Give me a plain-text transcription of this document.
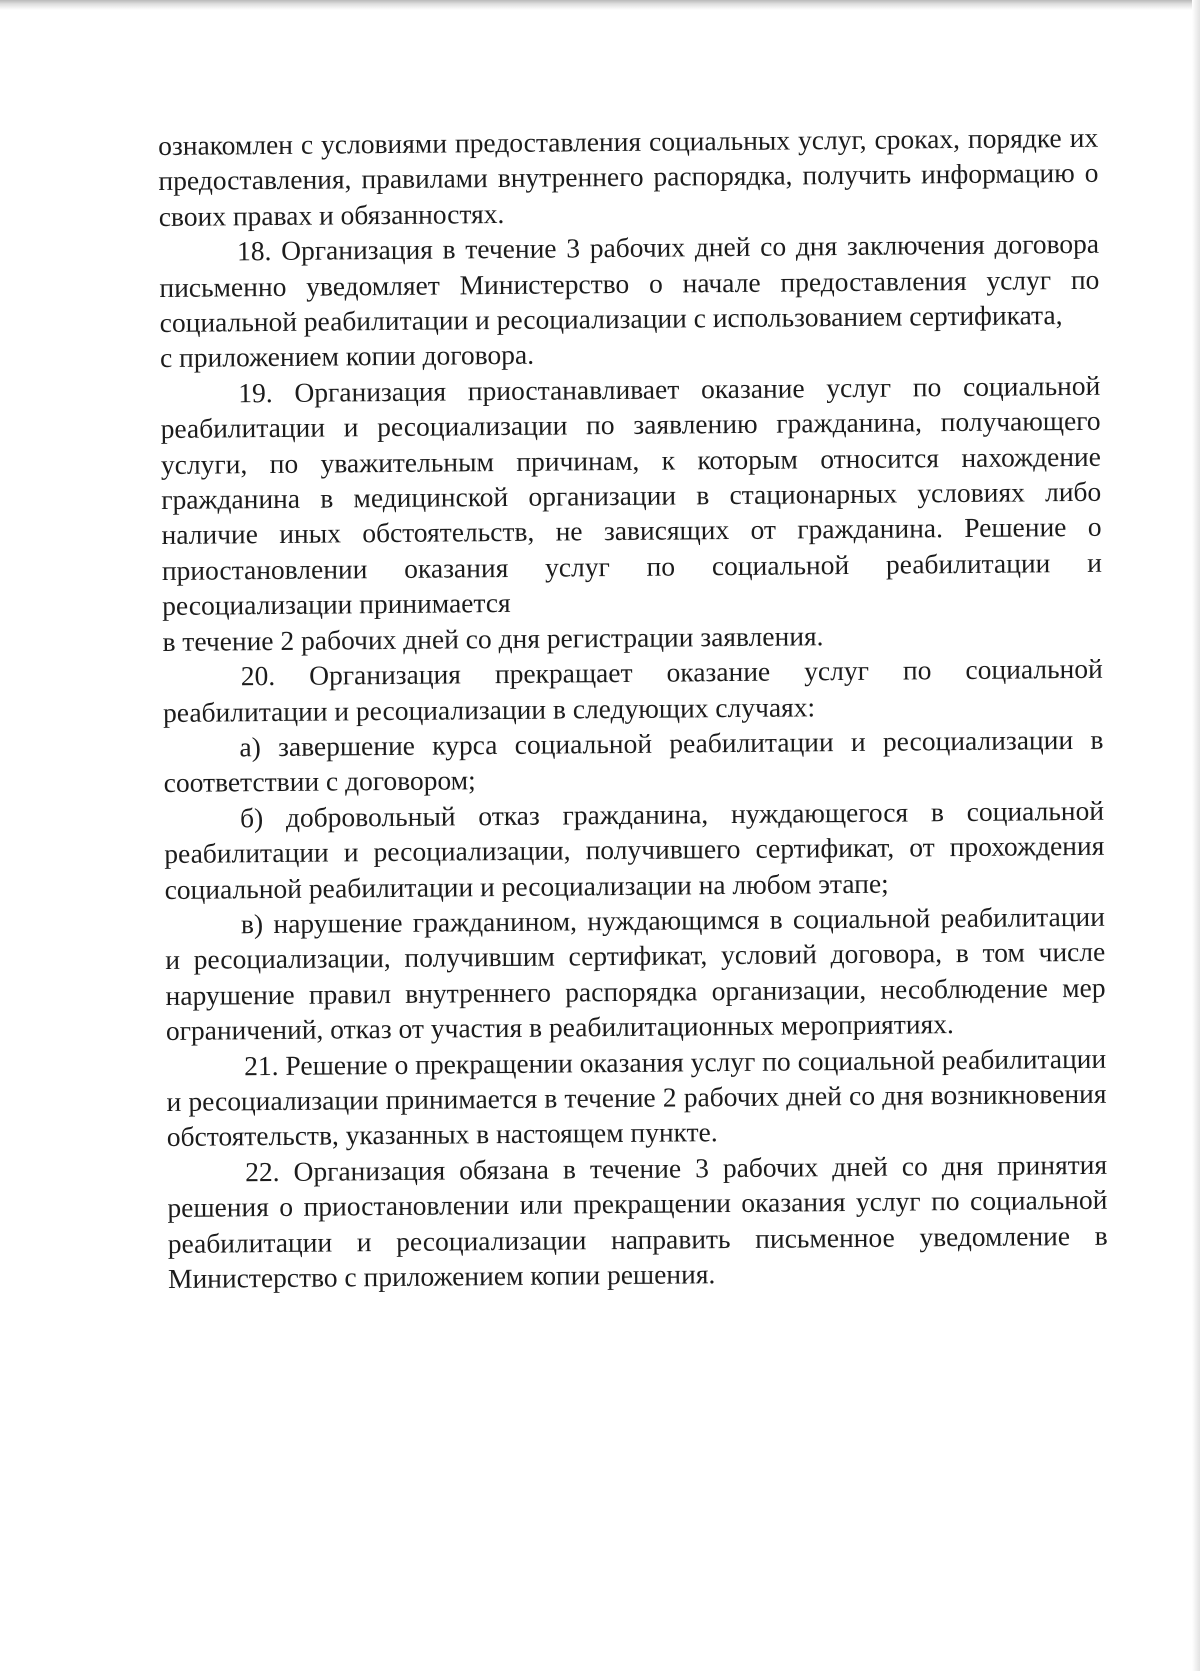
ознакомлен с условиями предоставления социальных услуг, сроках, порядке их предоставления, правилами внутреннего распорядка, получить информацию о своих правах и обязанностях.

18. Организация в течение 3 рабочих дней со дня заключения договора письменно уведомляет Министерство о начале предоставления услуг по социальной реабилитации и ресоциализации с использованием сертификата,

с приложением копии договора.

19. Организация приостанавливает оказание услуг по социальной реабилитации и ресоциализации по заявлению гражданина, получающего услуги, по уважительным причинам, к которым относится нахождение гражданина в медицинской организации в стационарных условиях либо наличие иных обстоятельств, не зависящих от гражданина. Решение о приостановлении оказания услуг по социальной реабилитации и ресоциализации принимается

в течение 2 рабочих дней со дня регистрации заявления.

20. Организация прекращает оказание услуг по социальной реабилитации и ресоциализации в следующих случаях:

а) завершение курса социальной реабилитации и ресоциализации в соответствии с договором;

б) добровольный отказ гражданина, нуждающегося в социальной реабилитации и ресоциализации, получившего сертификат, от прохождения социальной реабилитации и ресоциализации на любом этапе;

в) нарушение гражданином, нуждающимся в социальной реабилитации и ресоциализации, получившим сертификат, условий договора, в том числе нарушение правил внутреннего распорядка организации, несоблюдение мер ограничений, отказ от участия в реабилитационных мероприятиях.

21. Решение о прекращении оказания услуг по социальной реабилитации и ресоциализации принимается в течение 2 рабочих дней со дня возникновения обстоятельств, указанных в настоящем пункте.

22. Организация обязана в течение 3 рабочих дней со дня принятия решения о приостановлении или прекращении оказания услуг по социальной реабилитации и ресоциализации направить письменное уведомление в Министерство с приложением копии решения.
